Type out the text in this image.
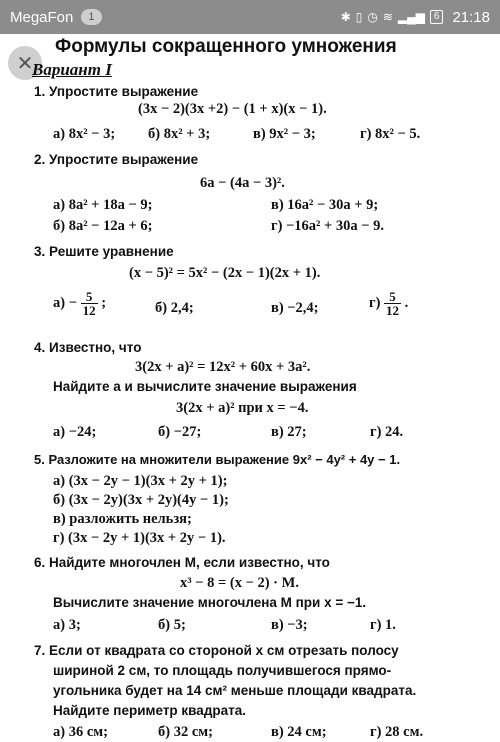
MegaFon	1	✱ ▯ ◷ ≋ ▂▄▆ 6 21:18
✕
Формулы сокращенного умножения
Вариант I
1. Упростите выражение
(3x − 2)(3x +2) − (1 + x)(x − 1).
а) 8x² − 3; б) 8x² + 3;	в) 9x² − 3;	г) 8x² − 5.
2. Упростите выражение
6a − (4a − 3)².
а) 8a² + 18a − 9;	в) 16a² − 30a + 9;
б) 8a² − 12a + 6;	г) −16a² + 30a − 9.
3. Решите уравнение
(x − 5)² = 5x² − (2x − 1)(2x + 1).
$а) - \frac{5}{12}$ ;	б) 2,4;	в) −2,4;	$г) \frac{5}{12}$ .
4. Известно, что
3(2x + a)² = 12x² + 60x + 3a².
Найдите a и вычислите значение выражения
3(2x + a)² при x = −4.
а) −24;	б) −27;	в) 27;	г) 24.
5. Разложите на множители выражение 9x² − 4y² + 4y − 1.
а) (3x − 2y − 1)(3x + 2y + 1);
б) (3x − 2y)(3x + 2y)(4y − 1);
в) разложить нельзя;
г) (3x − 2y + 1)(3x + 2y − 1).
6. Найдите многочлен M, если известно, что
x³ − 8 = (x − 2) · M.
Вычислите значение многочлена M при x = −1.
а) 3;	б) 5;	в) −3;	г) 1.
7. Если от квадрата со стороной x см отрезать полосу
шириной 2 см, то площадь получившегося прямо-
угольника будет на 14 см² меньше площади квадрата.
Найдите периметр квадрата.
а) 36 см;	б) 32 см;	в) 24 см;	г) 28 см.
